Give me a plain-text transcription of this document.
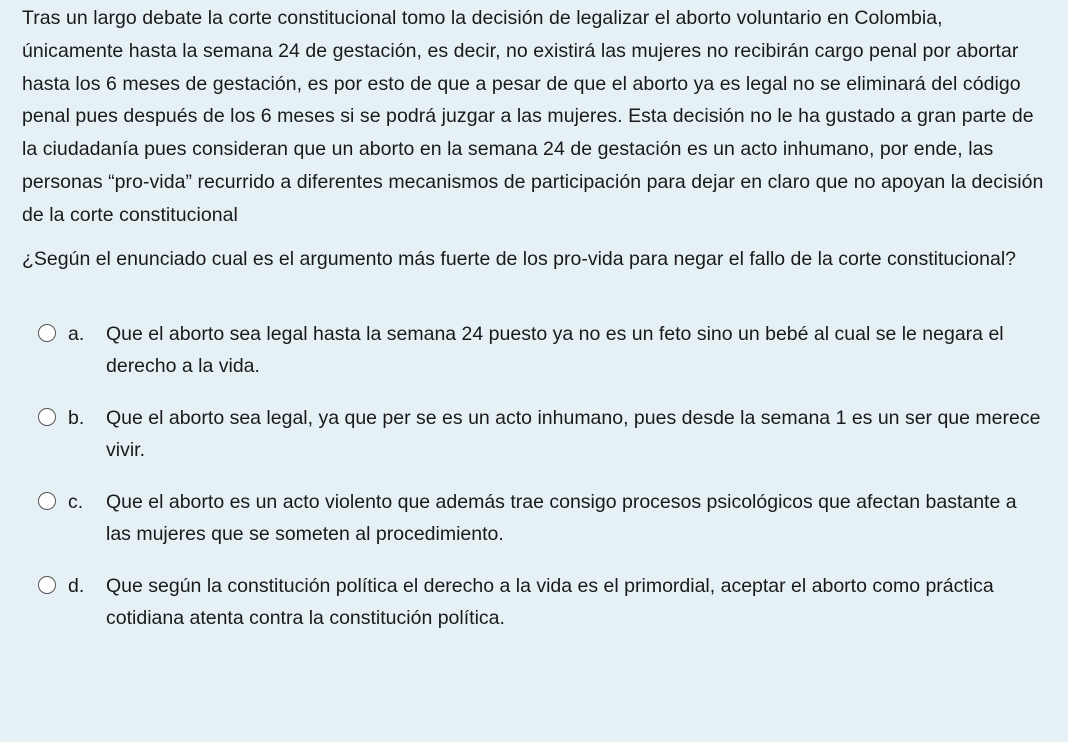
Tras un largo debate la corte constitucional tomo la decisión de legalizar el aborto voluntario en Colombia, únicamente hasta la semana 24 de gestación, es decir, no existirá las mujeres no recibirán cargo penal por abortar hasta los 6 meses de gestación, es por esto de que a pesar de que el aborto ya es legal no se eliminará del código penal pues después de los 6 meses si se podrá juzgar a las mujeres. Esta decisión no le ha gustado a gran parte de la ciudadanía pues consideran que un aborto en la semana 24 de gestación es un acto inhumano, por ende, las personas “pro-vida” recurrido a diferentes mecanismos de participación para dejar en claro que no apoyan la decisión de la corte constitucional

¿Según el enunciado cual es el argumento más fuerte de los pro-vida para negar el fallo de la corte constitucional?

a.	Que el aborto sea legal hasta la semana 24 puesto ya no es un feto sino un bebé al cual se le negara el derecho a la vida.
b.	Que el aborto sea legal, ya que per se es un acto inhumano, pues desde la semana 1 es un ser que merece vivir.
c.	Que el aborto es un acto violento que además trae consigo procesos psicológicos que afectan bastante a las mujeres que se someten al procedimiento.
d.	Que según la constitución política el derecho a la vida es el primordial, aceptar el aborto como práctica cotidiana atenta contra la constitución política.
